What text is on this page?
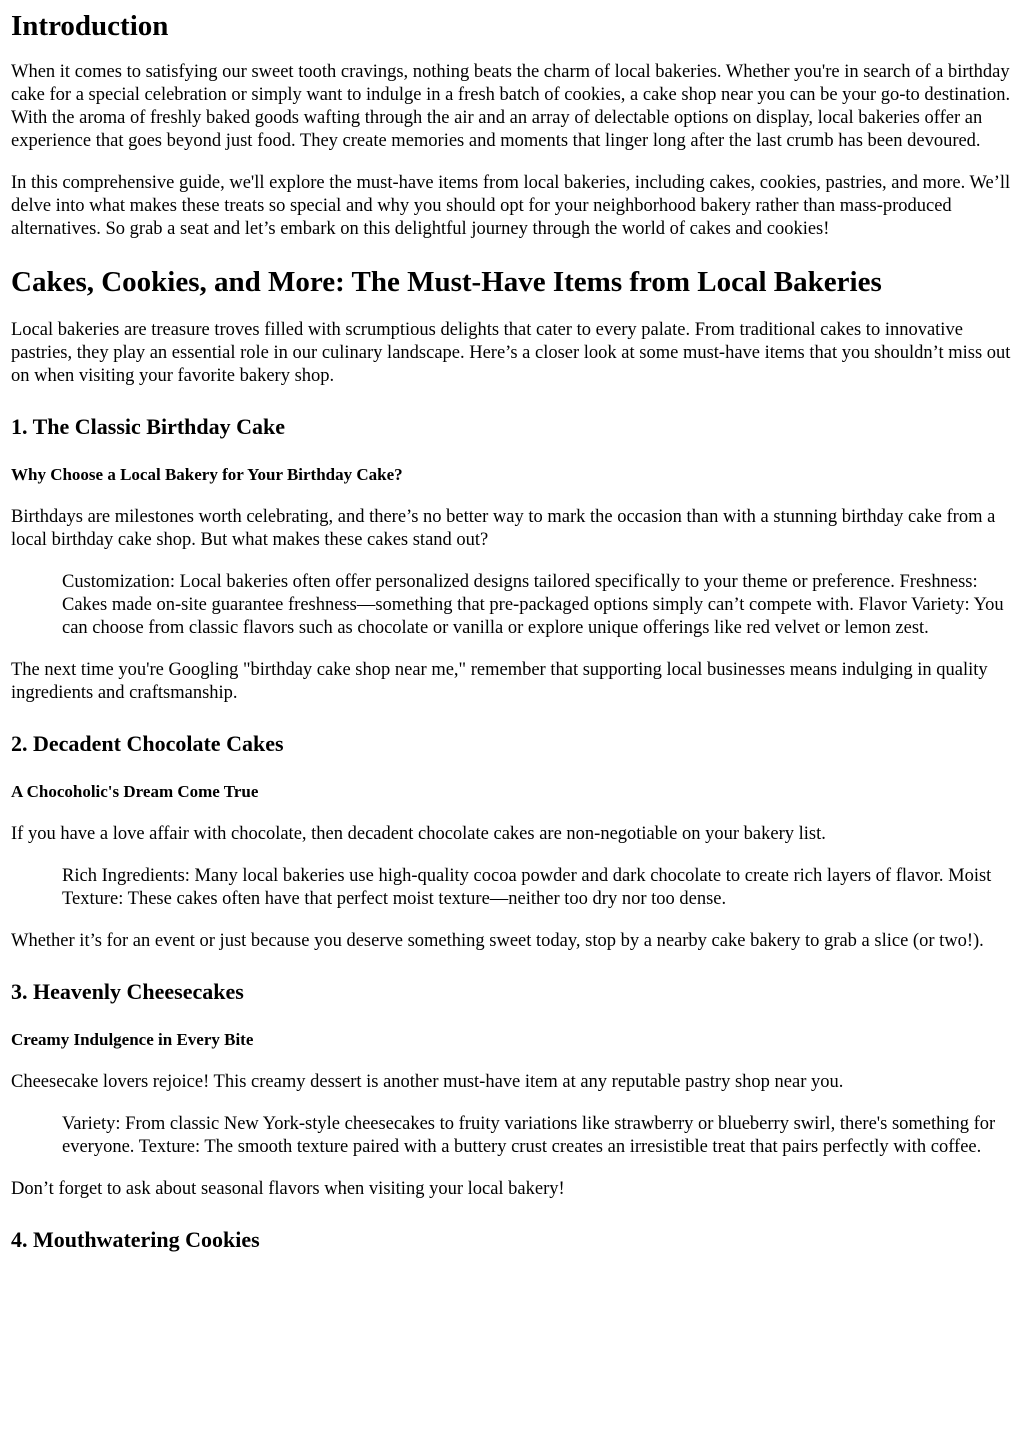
Introduction

When it comes to satisfying our sweet tooth cravings, nothing beats the charm of local bakeries. Whether you're in search of a birthday cake for a special celebration or simply want to indulge in a fresh batch of cookies, a cake shop near you can be your go-to destination. With the aroma of freshly baked goods wafting through the air and an array of delectable options on display, local bakeries offer an experience that goes beyond just food. They create memories and moments that linger long after the last crumb has been devoured.

In this comprehensive guide, we'll explore the must-have items from local bakeries, including cakes, cookies, pastries, and more. We’ll delve into what makes these treats so special and why you should opt for your neighborhood bakery rather than mass-produced alternatives. So grab a seat and let’s embark on this delightful journey through the world of cakes and cookies!

Cakes, Cookies, and More: The Must-Have Items from Local Bakeries

Local bakeries are treasure troves filled with scrumptious delights that cater to every palate. From traditional cakes to innovative pastries, they play an essential role in our culinary landscape. Here’s a closer look at some must-have items that you shouldn’t miss out on when visiting your favorite bakery shop.

1. The Classic Birthday Cake
Why Choose a Local Bakery for Your Birthday Cake?

Birthdays are milestones worth celebrating, and there’s no better way to mark the occasion than with a stunning birthday cake from a local birthday cake shop. But what makes these cakes stand out?

Customization: Local bakeries often offer personalized designs tailored specifically to your theme or preference. Freshness: Cakes made on-site guarantee freshness—something that pre-packaged options simply can’t compete with. Flavor Variety: You can choose from classic flavors such as chocolate or vanilla or explore unique offerings like red velvet or lemon zest.

The next time you're Googling "birthday cake shop near me," remember that supporting local businesses means indulging in quality ingredients and craftsmanship.

2. Decadent Chocolate Cakes
A Chocoholic's Dream Come True

If you have a love affair with chocolate, then decadent chocolate cakes are non-negotiable on your bakery list.

Rich Ingredients: Many local bakeries use high-quality cocoa powder and dark chocolate to create rich layers of flavor. Moist Texture: These cakes often have that perfect moist texture—neither too dry nor too dense.

Whether it’s for an event or just because you deserve something sweet today, stop by a nearby cake bakery to grab a slice (or two!).

3. Heavenly Cheesecakes
Creamy Indulgence in Every Bite

Cheesecake lovers rejoice! This creamy dessert is another must-have item at any reputable pastry shop near you.

Variety: From classic New York-style cheesecakes to fruity variations like strawberry or blueberry swirl, there's something for everyone. Texture: The smooth texture paired with a buttery crust creates an irresistible treat that pairs perfectly with coffee.

Don’t forget to ask about seasonal flavors when visiting your local bakery!

4. Mouthwatering Cookies
